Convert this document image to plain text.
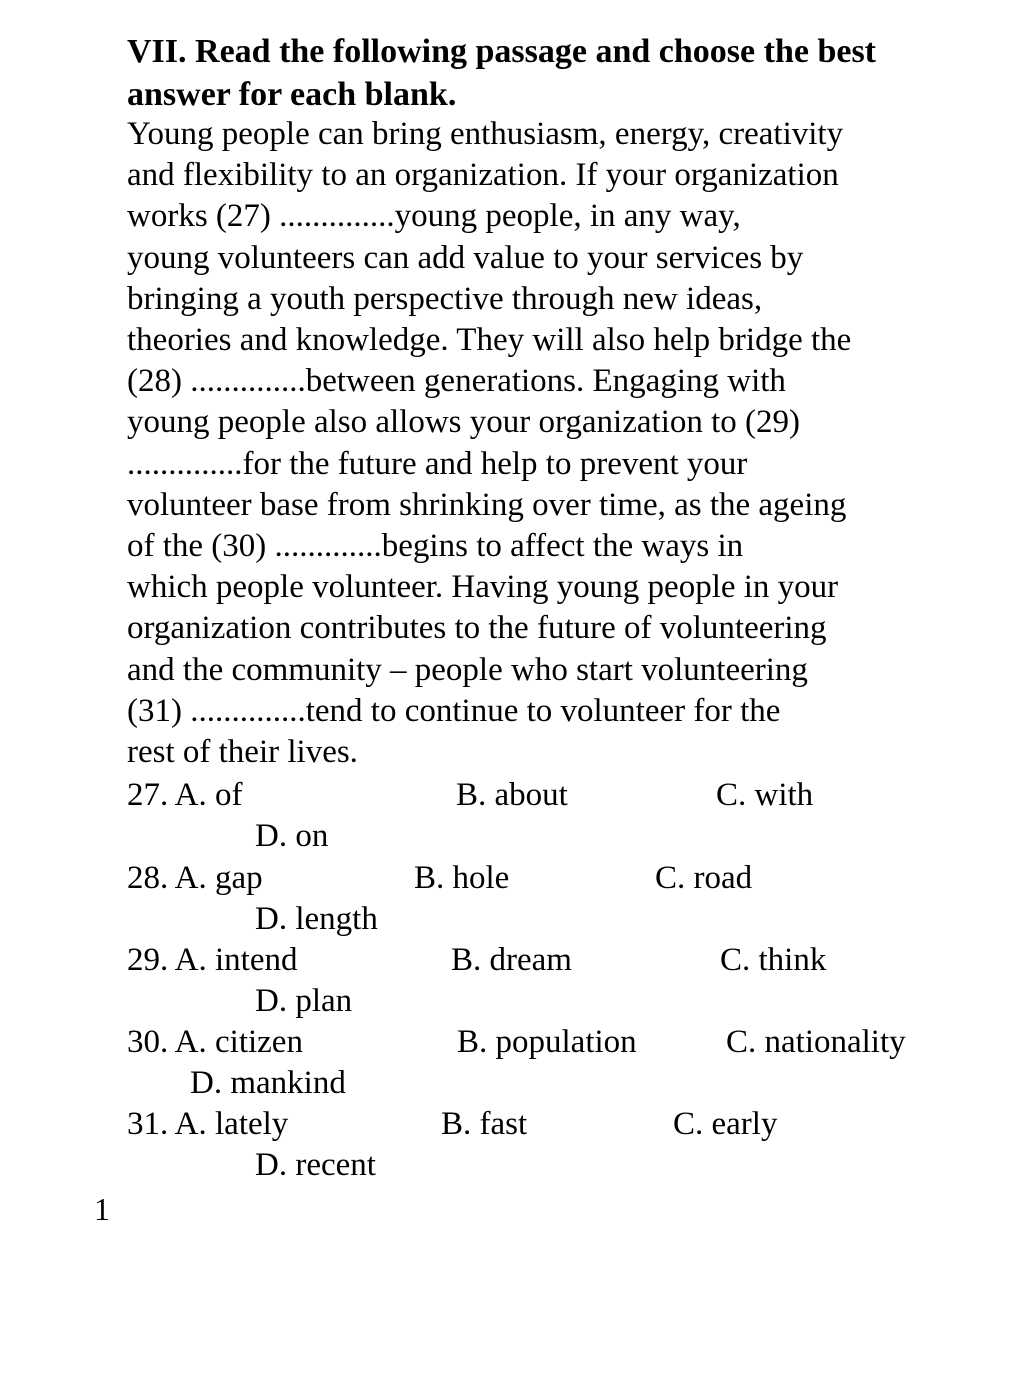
VII. Read the following passage and choose the best
answer for each blank.
Young people can bring enthusiasm, energy, creativity
and flexibility to an organization. If your organization
works (27) ..............young people, in any way,
young volunteers can add value to your services by
bringing a youth perspective through new ideas,
theories and knowledge. They will also help bridge the
(28) ..............between generations. Engaging with
young people also allows your organization to (29)
..............for the future and help to prevent your
volunteer base from shrinking over time, as the ageing
of the (30) .............begins to affect the ways in
which people volunteer. Having young people in your
organization contributes to the future of volunteering
and the community – people who start volunteering
(31) ..............tend to continue to volunteer for the
rest of their lives.
27. A. of	B. about	C. with
D. on
28. A. gap	B. hole	C. road
D. length
29. A. intend	B. dream	C. think
D. plan
30. A. citizen	B. population	C. nationality
D. mankind
31. A. lately	B. fast	C. early
D. recent
1
